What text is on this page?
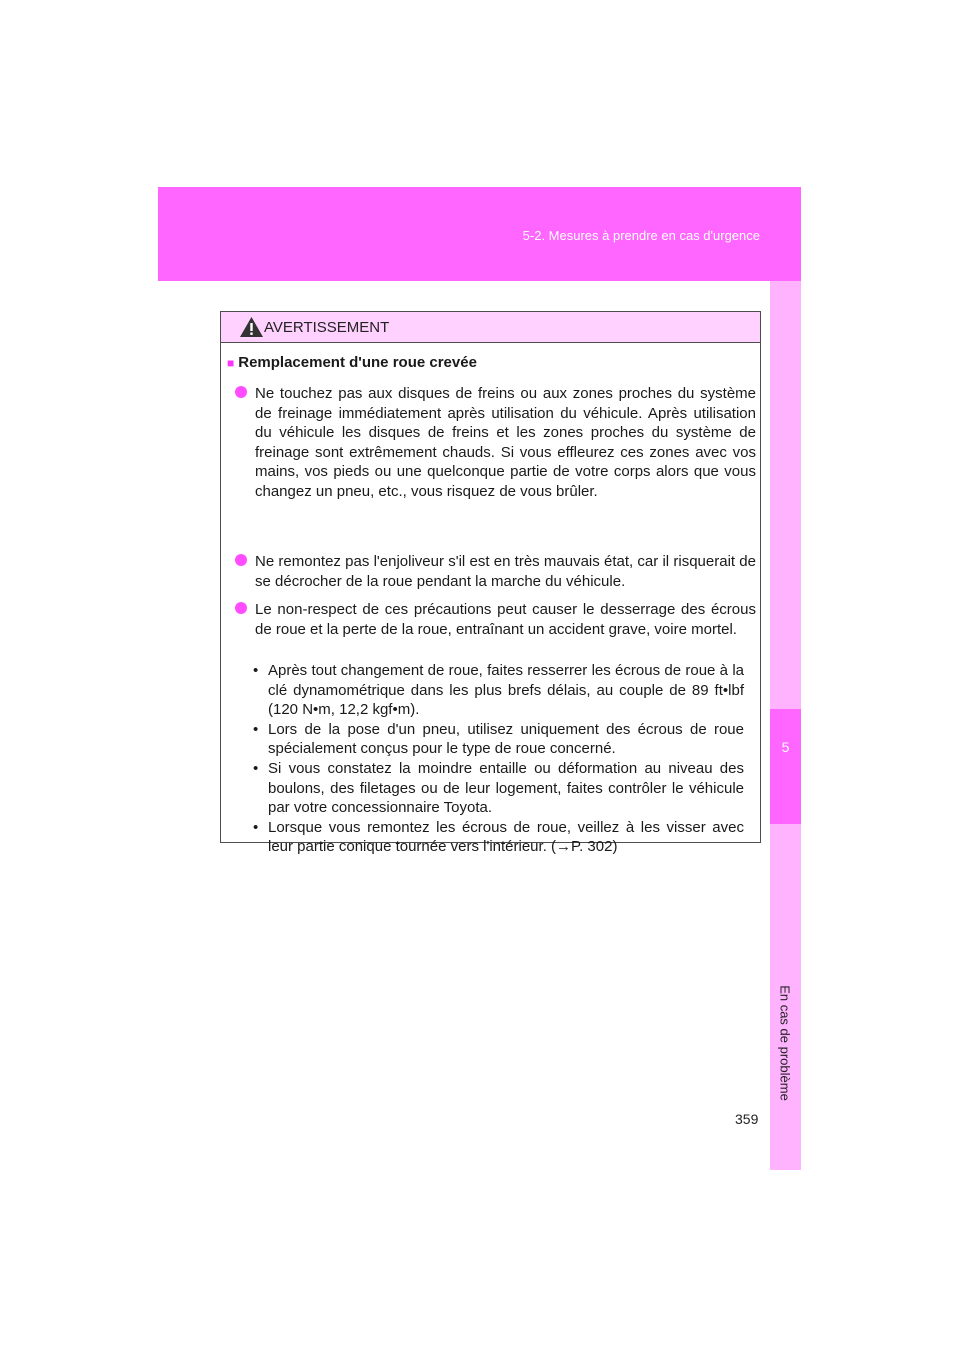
5-2. Mesures à prendre en cas d'urgence
5
En cas de problème
AVERTISSEMENT
■ Remplacement d'une roue crevée
Ne touchez pas aux disques de freins ou aux zones proches du système de freinage immédiatement après utilisation du véhicule. Après utilisation du véhicule les disques de freins et les zones proches du système de freinage sont extrêmement chauds. Si vous effleurez ces zones avec vos mains, vos pieds ou une quelconque partie de votre corps alors que vous changez un pneu, etc., vous risquez de vous brûler.
Ne remontez pas l'enjoliveur s'il est en très mauvais état, car il risquerait de se décrocher de la roue pendant la marche du véhicule.
Le non-respect de ces précautions peut causer le desserrage des écrous de roue et la perte de la roue, entraînant un accident grave, voire mortel.
• Après tout changement de roue, faites resserrer les écrous de roue à la clé dynamométrique dans les plus brefs délais, au couple de 89 ft•lbf (120 N•m, 12,2 kgf•m).
• Lors de la pose d'un pneu, utilisez uniquement des écrous de roue spécialement conçus pour le type de roue concerné.
• Si vous constatez la moindre entaille ou déformation au niveau des boulons, des filetages ou de leur logement, faites contrôler le véhicule par votre concessionnaire Toyota.
• Lorsque vous remontez les écrous de roue, veillez à les visser avec leur partie conique tournée vers l'intérieur. (→P. 302)
359
